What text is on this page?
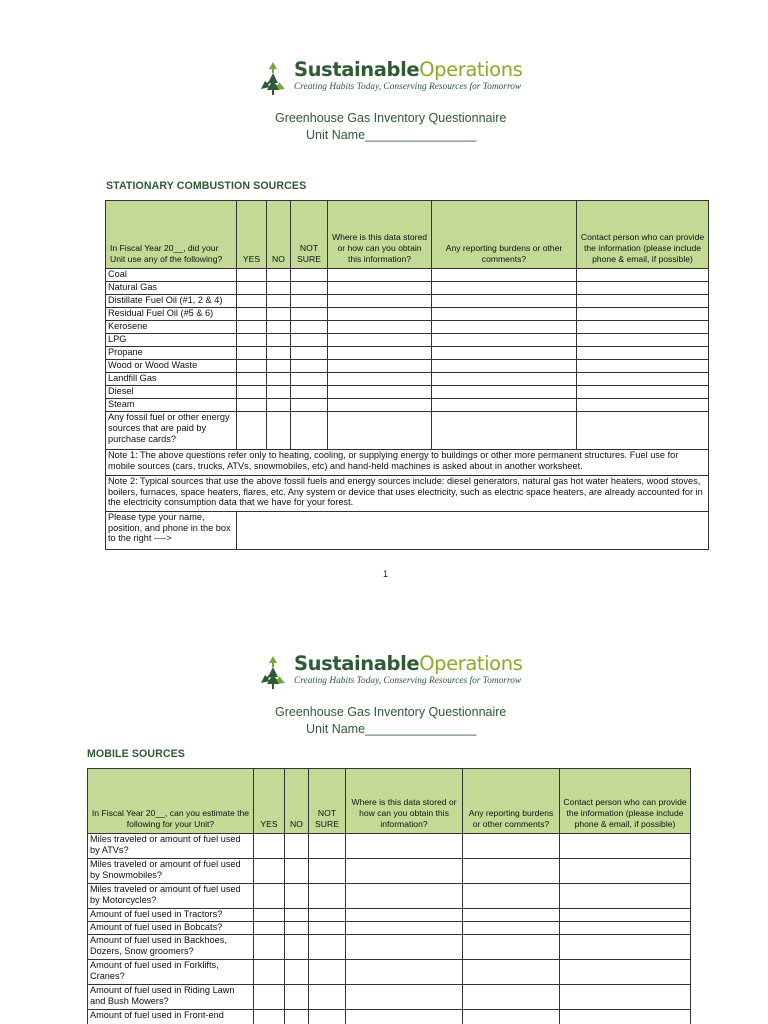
SustainableOperations
Creating Habits Today, Conserving Resources for Tomorrow
Greenhouse Gas Inventory Questionnaire
Unit Name________________
STATIONARY COMBUSTION SOURCES
In Fiscal Year 20__, did your Unit use any of the following?	YES	NO	NOT SURE	Where is this data stored or how can you obtain this information?	Any reporting burdens or other comments?	Contact person who can provide the information (please include phone & email, if possible)
Coal						
Natural Gas						
Distillate Fuel Oil (#1, 2 & 4)						
Residual Fuel Oil (#5 & 6)						
Kerosene						
LPG						
Propane						
Wood or Wood Waste						
Landfill Gas						
Diesel						
Steam						
Any fossil fuel or other energy sources that are paid by purchase cards?						
Note 1: The above questions refer only to heating, cooling, or supplying energy to buildings or other more permanent structures. Fuel use for mobile sources (cars, trucks, ATVs, snowmobiles, etc) and hand-held machines is asked about in another worksheet.						
Note 2: Typical sources that use the above fossil fuels and energy sources include: diesel generators, natural gas hot water heaters, wood stoves, boilers, furnaces, space heaters, flares, etc. Any system or device that uses electricity, such as electric space heaters, are already accounted for in the electricity consumption data that we have for your forest.						
Please type your name, position, and phone in the box to the right ---->						
1
SustainableOperations
Creating Habits Today, Conserving Resources for Tomorrow
Greenhouse Gas Inventory Questionnaire
Unit Name________________
MOBILE SOURCES
In Fiscal Year 20__, can you estimate the following for your Unit?	YES	NO	NOT SURE	Where is this data stored or how can you obtain this information?	Any reporting burdens or other comments?	Contact person who can provide the information (please include phone & email, if possible)
Miles traveled or amount of fuel used by ATVs?						
Miles traveled or amount of fuel used by Snowmobiles?						
Miles traveled or amount of fuel used by Motorcycles?						
Amount of fuel used in Tractors?						
Amount of fuel used in Bobcats?						
Amount of fuel used in Backhoes, Dozers, Snow groomers?						
Amount of fuel used in Forklifts, Cranes?						
Amount of fuel used in Riding Lawn and Bush Mowers?						
Amount of fuel used in Front-end						
